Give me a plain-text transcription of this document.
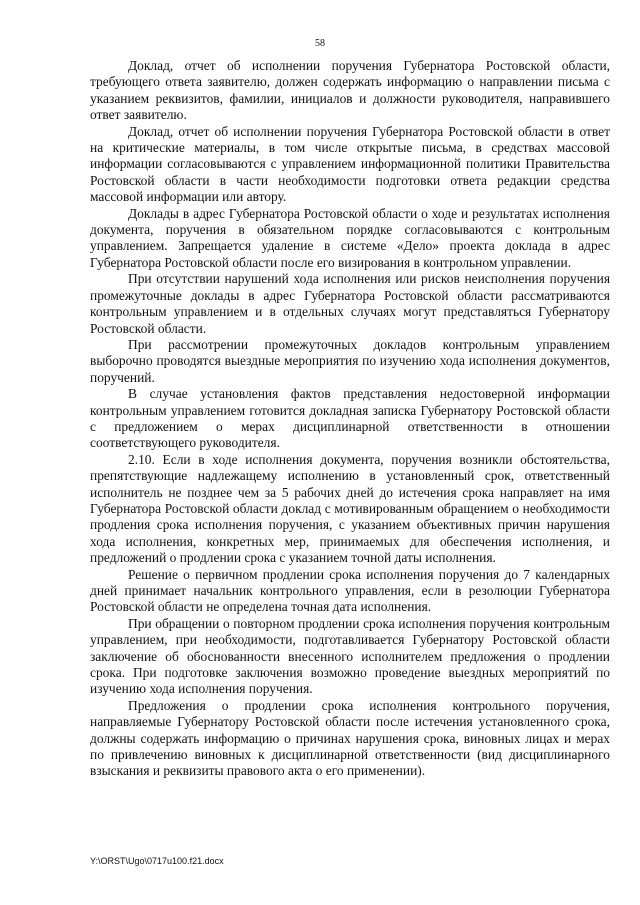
58

Доклад, отчет об исполнении поручения Губернатора Ростовской области, требующего ответа заявителю, должен содержать информацию о направлении письма с указанием реквизитов, фамилии, инициалов и должности руководителя, направившего ответ заявителю.

Доклад, отчет об исполнении поручения Губернатора Ростовской области в ответ на критические материалы, в том числе открытые письма, в средствах массовой информации согласовываются с управлением информационной политики Правительства Ростовской области в части необходимости подготовки ответа редакции средства массовой информации или автору.

Доклады в адрес Губернатора Ростовской области о ходе и результатах исполнения документа, поручения в обязательном порядке согласовываются с контрольным управлением. Запрещается удаление в системе «Дело» проекта доклада в адрес Губернатора Ростовской области после его визирования в контрольном управлении.

При отсутствии нарушений хода исполнения или рисков неисполнения поручения промежуточные доклады в адрес Губернатора Ростовской области рассматриваются контрольным управлением и в отдельных случаях могут представляться Губернатору Ростовской области.

При рассмотрении промежуточных докладов контрольным управлением выборочно проводятся выездные мероприятия по изучению хода исполнения документов, поручений.

В случае установления фактов представления недостоверной информации контрольным управлением готовится докладная записка Губернатору Ростовской области с предложением о мерах дисциплинарной ответственности в отношении соответствующего руководителя.

2.10. Если в ходе исполнения документа, поручения возникли обстоятельства, препятствующие надлежащему исполнению в установленный срок, ответственный исполнитель не позднее чем за 5 рабочих дней до истечения срока направляет на имя Губернатора Ростовской области доклад с мотивированным обращением о необходимости продления срока исполнения поручения, с указанием объективных причин нарушения хода исполнения, конкретных мер, принимаемых для обеспечения исполнения, и предложений о продлении срока с указанием точной даты исполнения.

Решение о первичном продлении срока исполнения поручения до 7 календарных дней принимает начальник контрольного управления, если в резолюции Губернатора Ростовской области не определена точная дата исполнения.

При обращении о повторном продлении срока исполнения поручения контрольным управлением, при необходимости, подготавливается Губернатору Ростовской области заключение об обоснованности внесенного исполнителем предложения о продлении срока. При подготовке заключения возможно проведение выездных мероприятий по изучению хода исполнения поручения.

Предложения о продлении срока исполнения контрольного поручения, направляемые Губернатору Ростовской области после истечения установленного срока, должны содержать информацию о причинах нарушения срока, виновных лицах и мерах по привлечению виновных к дисциплинарной ответственности (вид дисциплинарного взыскания и реквизиты правового акта о его применении).

Y:\ORST\Ugo\0717u100.f21.docx
